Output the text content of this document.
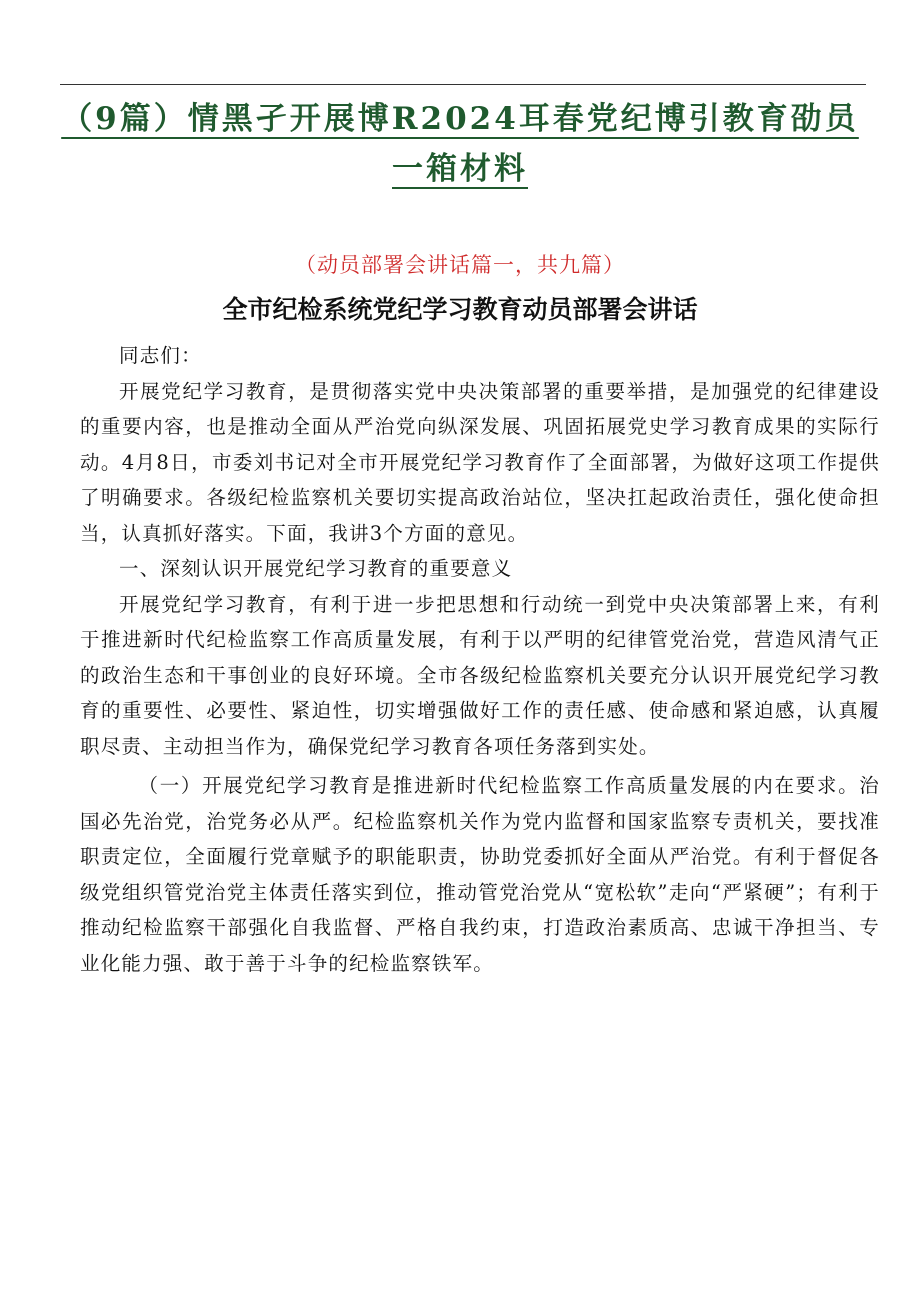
（9篇）情黑孑开展博R2024耳春党纪博引教育劭员
一箱材料
（动员部署会讲话篇一，共九篇）
全市纪检系统党纪学习教育动员部署会讲话

同志们：

开展党纪学习教育，是贯彻落实党中央决策部署的重要举措，是加强党的纪律建设的重要内容，也是推动全面从严治党向纵深发展、巩固拓展党史学习教育成果的实际行动。4月8日，市委刘书记对全市开展党纪学习教育作了全面部署，为做好这项工作提供了明确要求。各级纪检监察机关要切实提高政治站位，坚决扛起政治责任，强化使命担当，认真抓好落实。下面，我讲3个方面的意见。

一、深刻认识开展党纪学习教育的重要意义

开展党纪学习教育，有利于进一步把思想和行动统一到党中央决策部署上来，有利于推进新时代纪检监察工作高质量发展，有利于以严明的纪律管党治党，营造风清气正的政治生态和干事创业的良好环境。全市各级纪检监察机关要充分认识开展党纪学习教育的重要性、必要性、紧迫性，切实增强做好工作的责任感、使命感和紧迫感，认真履职尽责、主动担当作为，确保党纪学习教育各项任务落到实处。

（一）开展党纪学习教育是推进新时代纪检监察工作高质量发展的内在要求。治国必先治党，治党务必从严。纪检监察机关作为党内监督和国家监察专责机关，要找准职责定位，全面履行党章赋予的职能职责，协助党委抓好全面从严治党。有利于督促各级党组织管党治党主体责任落实到位，推动管党治党从“宽松软”走向“严紧硬”；有利于推动纪检监察干部强化自我监督、严格自我约束，打造政治素质高、忠诚干净担当、专业化能力强、敢于善于斗争的纪检监察铁军。
